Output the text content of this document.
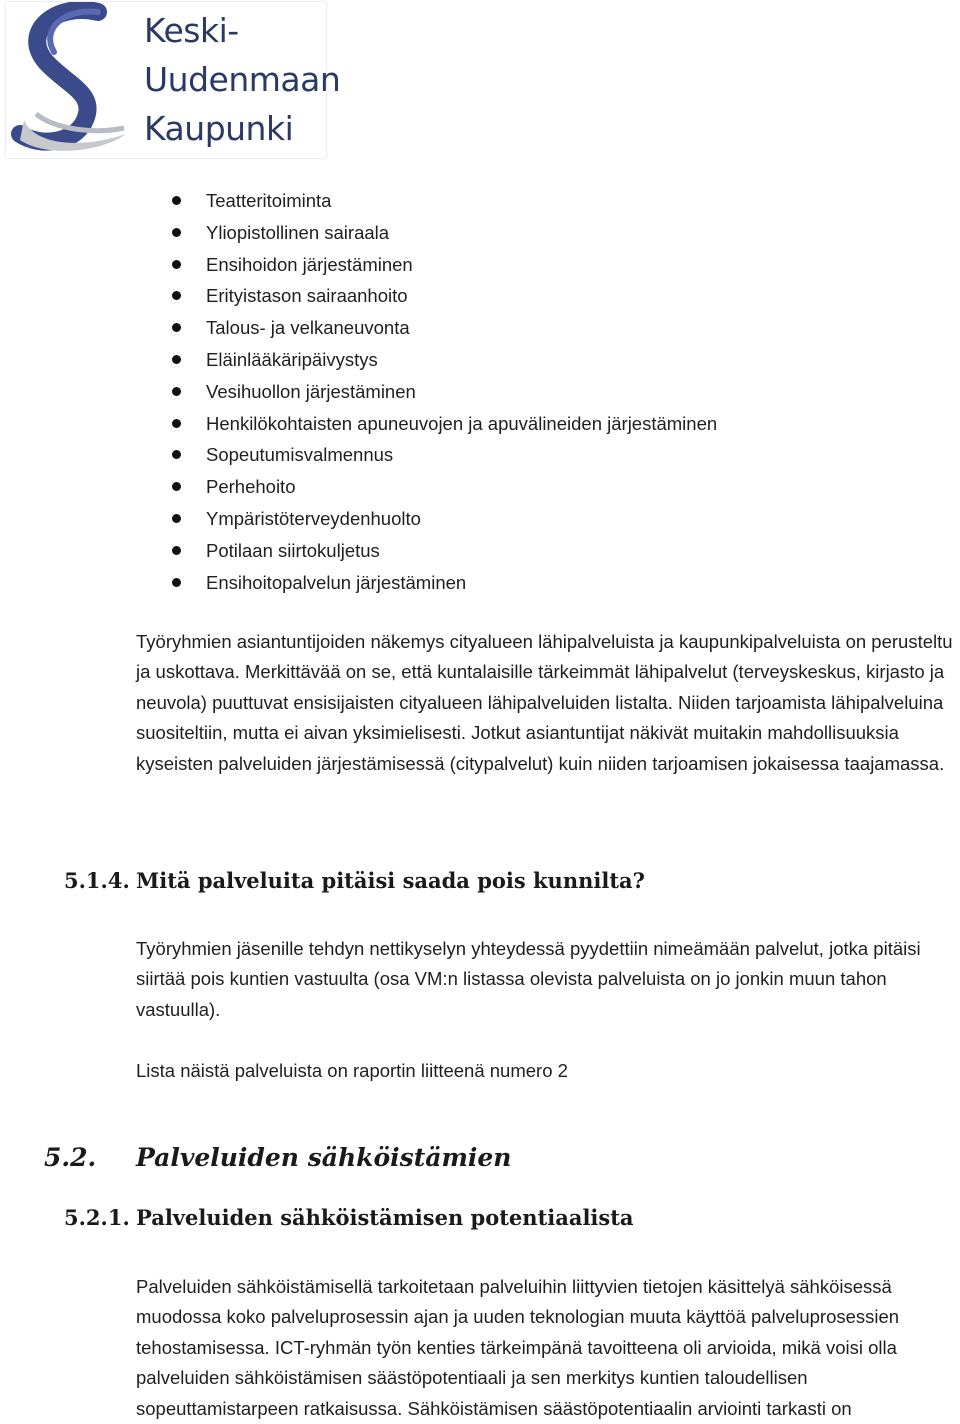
Keski-
Uudenmaan
Kaupunki
Teatteritoiminta
Yliopistollinen sairaala
Ensihoidon järjestäminen
Erityistason sairaanhoito
Talous- ja velkaneuvonta
Eläinlääkäripäivystys
Vesihuollon järjestäminen
Henkilökohtaisten apuneuvojen ja apuvälineiden järjestäminen
Sopeutumisvalmennus
Perhehoito
Ympäristöterveydenhuolto
Potilaan siirtokuljetus
Ensihoitopalvelun järjestäminen

Työryhmien asiantuntijoiden näkemys cityalueen lähipalveluista ja kaupunkipalveluista on perusteltu ja uskottava. Merkittävää on se, että kuntalaisille tärkeimmät lähipalvelut (terveyskeskus, kirjasto ja neuvola) puuttuvat ensisijaisten cityalueen lähipalveluiden listalta. Niiden tarjoamista lähipalveluina suositeltiin, mutta ei aivan yksimielisesti. Jotkut asiantuntijat näkivät muitakin mahdollisuuksia kyseisten palveluiden järjestämisessä (citypalvelut) kuin niiden tarjoamisen jokaisessa taajamassa.

5.1.4. Mitä palveluita pitäisi saada pois kunnilta?

Työryhmien jäsenille tehdyn nettikyselyn yhteydessä pyydettiin nimeämään palvelut, jotka pitäisi siirtää pois kuntien vastuulta (osa VM:n listassa olevista palveluista on jo jonkin muun tahon vastuulla).

Lista näistä palveluista on raportin liitteenä numero 2

5.2. Palveluiden sähköistämien
5.2.1. Palveluiden sähköistämisen potentiaalista

Palveluiden sähköistämisellä tarkoitetaan palveluihin liittyvien tietojen käsittelyä sähköisessä muodossa koko palveluprosessin ajan ja uuden teknologian muuta käyttöä palveluprosessien tehostamisessa. ICT-ryhmän työn kenties tärkeimpänä tavoitteena oli arvioida, mikä voisi olla palveluiden sähköistämisen säästöpotentiaali ja sen merkitys kuntien taloudellisen sopeuttamistarpeen ratkaisussa. Sähköistämisen säästöpotentiaalin arviointi tarkasti on
